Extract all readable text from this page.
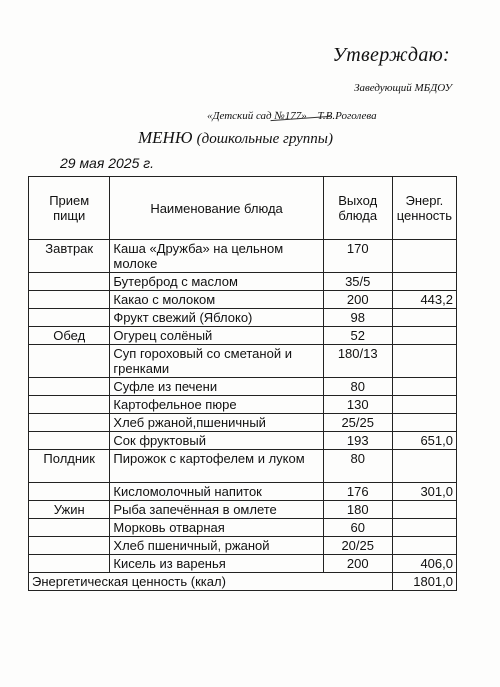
Утверждаю:
Заведующий МБДОУ
«Детский сад №177» Т.В.Роголева
МЕНЮ (дошкольные группы)
29 мая 2025 г.
Прием пищи	Наименование блюда	Выход блюда	Энерг. ценность
Завтрак	Каша «Дружба» на цельном молоке	170	
	Бутерброд с маслом	35/5	
	Какао с молоком	200	443,2
	Фрукт свежий (Яблоко)	98	
Обед	Огурец солёный	52	
	Суп гороховый со сметаной и гренками	180/13	
	Суфле из печени	80	
	Картофельное пюре	130	
	Хлеб ржаной,пшеничный	25/25	
	Сок фруктовый	193	651,0
Полдник	Пирожок с картофелем и луком	80	
	Кисломолочный напиток	176	301,0
Ужин	Рыба запечённая в омлете	180	
	Морковь отварная	60	
	Хлеб пшеничный, ржаной	20/25	
	Кисель из варенья	200	406,0
Энергетическая ценность (ккал)			1801,0
